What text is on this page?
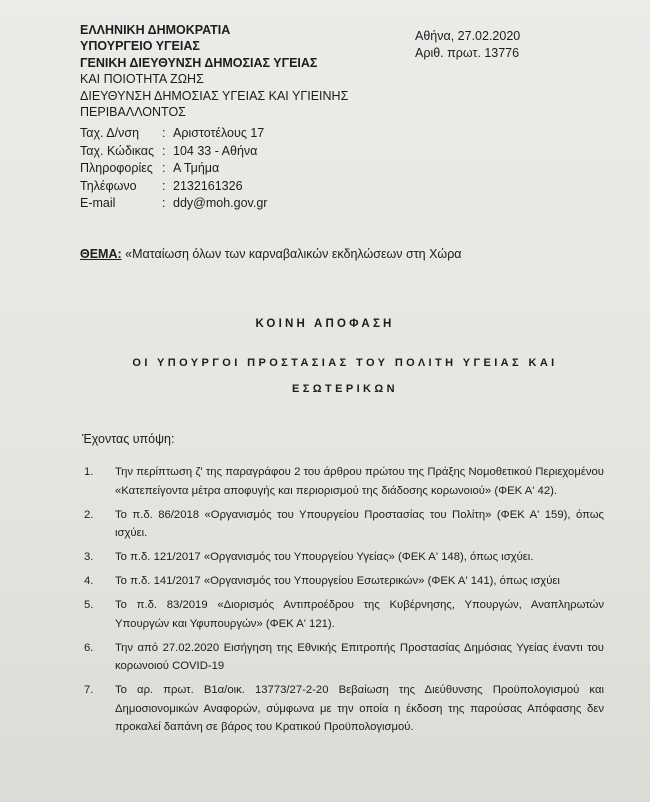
ΕΛΛΗΝΙΚΗ ΔΗΜΟΚΡΑΤΙΑ
ΥΠΟΥΡΓΕΙΟ ΥΓΕΙΑΣ
ΓΕΝΙΚΗ ΔΙΕΥΘΥΝΣΗ ΔΗΜΟΣΙΑΣ ΥΓΕΙΑΣ
ΚΑΙ ΠΟΙΟΤΗΤΑ ΖΩΗΣ
ΔΙΕΥΘΥΝΣΗ ΔΗΜΟΣΙΑΣ ΥΓΕΙΑΣ ΚΑΙ ΥΓΙΕΙΝΗΣ
ΠΕΡΙΒΑΛΛΟΝΤΟΣ
Ταχ. Δ/νση : Αριστοτέλους 17
Ταχ. Κώδικας : 104 33 - Αθήνα
Πληροφορίες : Α Τμήμα
Τηλέφωνο : 2132161326
E-mail	: ddy@moh.gov.gr
Αθήνα, 27.02.2020
Αριθ. πρωτ. 13776
ΘΕΜΑ: «Ματαίωση όλων των καρναβαλικών εκδηλώσεων στη Χώρα
ΚΟΙΝΗ ΑΠΟΦΑΣΗ
ΟΙ ΥΠΟΥΡΓΟΙ ΠΡΟΣΤΑΣΙΑΣ ΤΟΥ ΠΟΛΙΤΗ ΥΓΕΙΑΣ ΚΑΙ
ΕΣΩΤΕΡΙΚΩΝ
Έχοντας υπόψη:
1. Την περίπτωση ζ' της παραγράφου 2 του άρθρου πρώτου της Πράξης Νομοθετικού Περιεχομένου «Κατεπείγοντα μέτρα αποφυγής και περιορισμού της διάδοσης κορωνοιού» (ΦΕΚ Α' 42).
2. Το π.δ. 86/2018 «Οργανισμός του Υπουργείου Προστασίας του Πολίτη» (ΦΕΚ Α' 159), όπως ισχύει.
3. Το π.δ. 121/2017 «Οργανισμός του Υπουργείου Υγείας» (ΦΕΚ Α' 148), όπως ισχύει.
4. Το π.δ. 141/2017 «Οργανισμός του Υπουργείου Εσωτερικών» (ΦΕΚ Α' 141), όπως ισχύει
5. Το π.δ. 83/2019 «Διορισμός Αντιπροέδρου της Κυβέρνησης, Υπουργών, Αναπληρωτών Υπουργών και Υφυπουργών» (ΦΕΚ Α' 121).
6. Την από 27.02.2020 Εισήγηση της Εθνικής Επιτροπής Προστασίας Δημόσιας Υγείας έναντι του κορωνοιού COVID-19
7. Το αρ. πρωτ. Β1α/οικ. 13773/27-2-20 Βεβαίωση της Διεύθυνσης Προϋπολογισμού και Δημοσιονομικών Αναφορών, σύμφωνα με την οποία η έκδοση της παρούσας Απόφασης δεν προκαλεί δαπάνη σε βάρος του Κρατικού Προϋπολογισμού.
